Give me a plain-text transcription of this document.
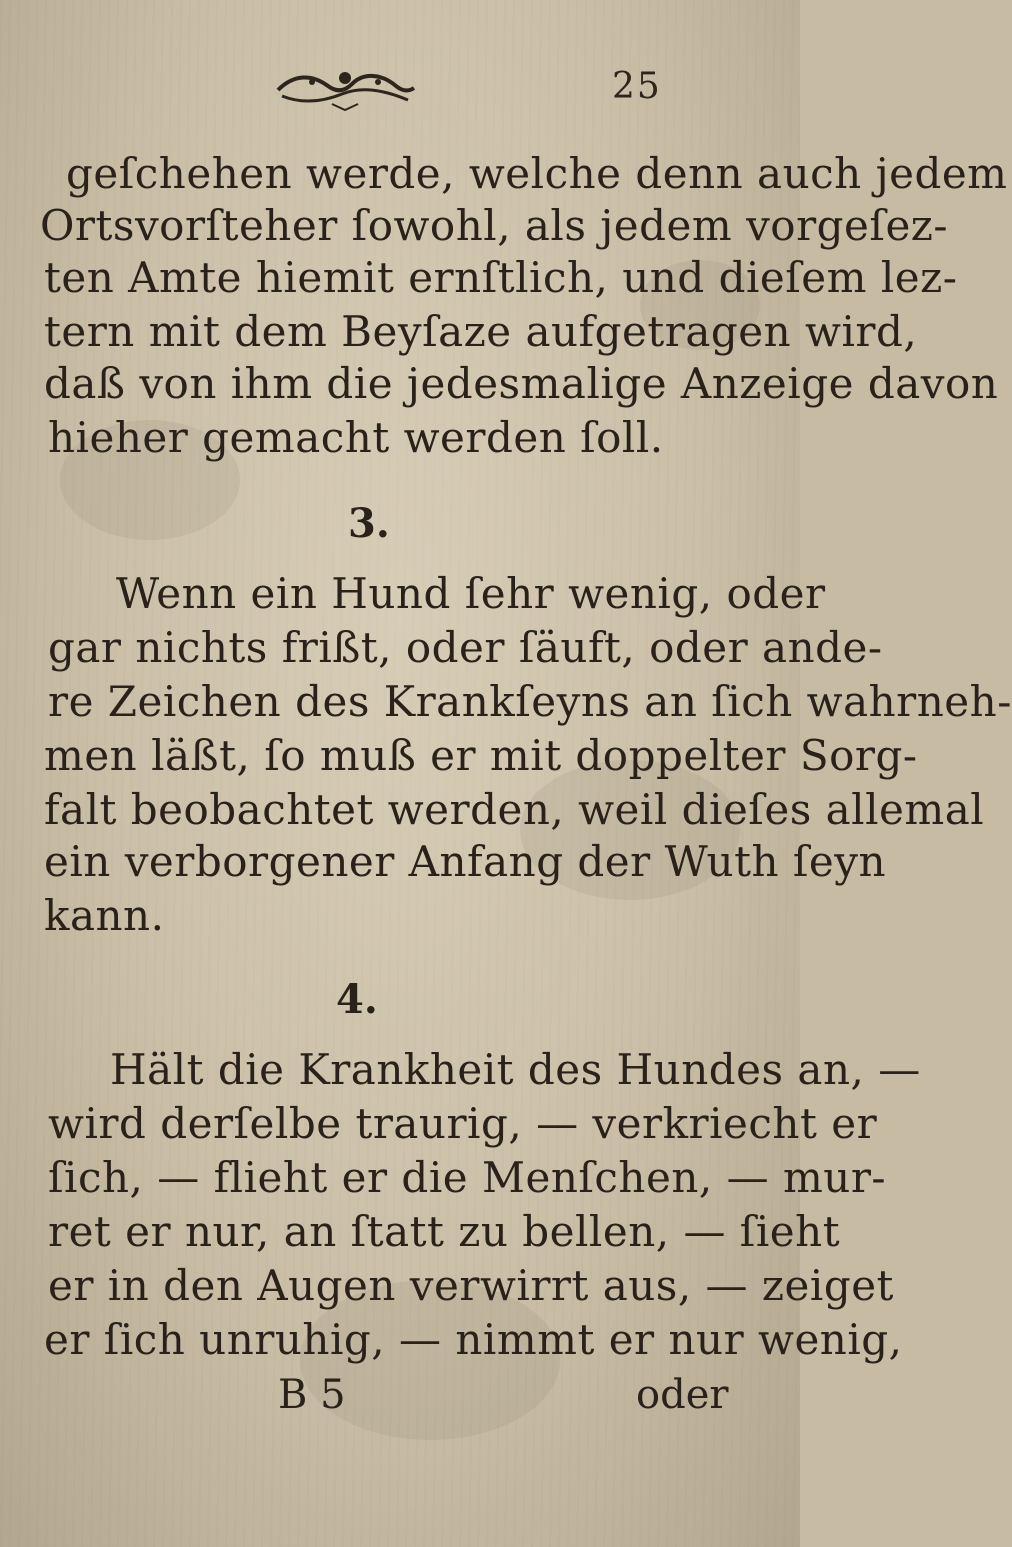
25
geſchehen werde, welche denn auch jedem
Ortsvorſteher ſowohl, als jedem vorgeſez-
ten Amte hiemit ernſtlich, und dieſem lez-
tern mit dem Beyſaze aufgetragen wird,
daß von ihm die jedesmalige Anzeige davon
hieher gemacht werden ſoll.
3.
Wenn ein Hund ſehr wenig, oder
gar nichts frißt, oder ſäuft, oder ande-
re Zeichen des Krankſeyns an ſich wahrneh-
men läßt, ſo muß er mit doppelter Sorg-
falt beobachtet werden, weil dieſes allemal
ein verborgener Anfang der Wuth ſeyn
kann.
4.
Hält die Krankheit des Hundes an, —
wird derſelbe traurig, — verkriecht er
ſich, — flieht er die Menſchen, — mur-
ret er nur, an ſtatt zu bellen, — ſieht
er in den Augen verwirrt aus, — zeiget
er ſich unruhig, — nimmt er nur wenig,
B 5	oder
